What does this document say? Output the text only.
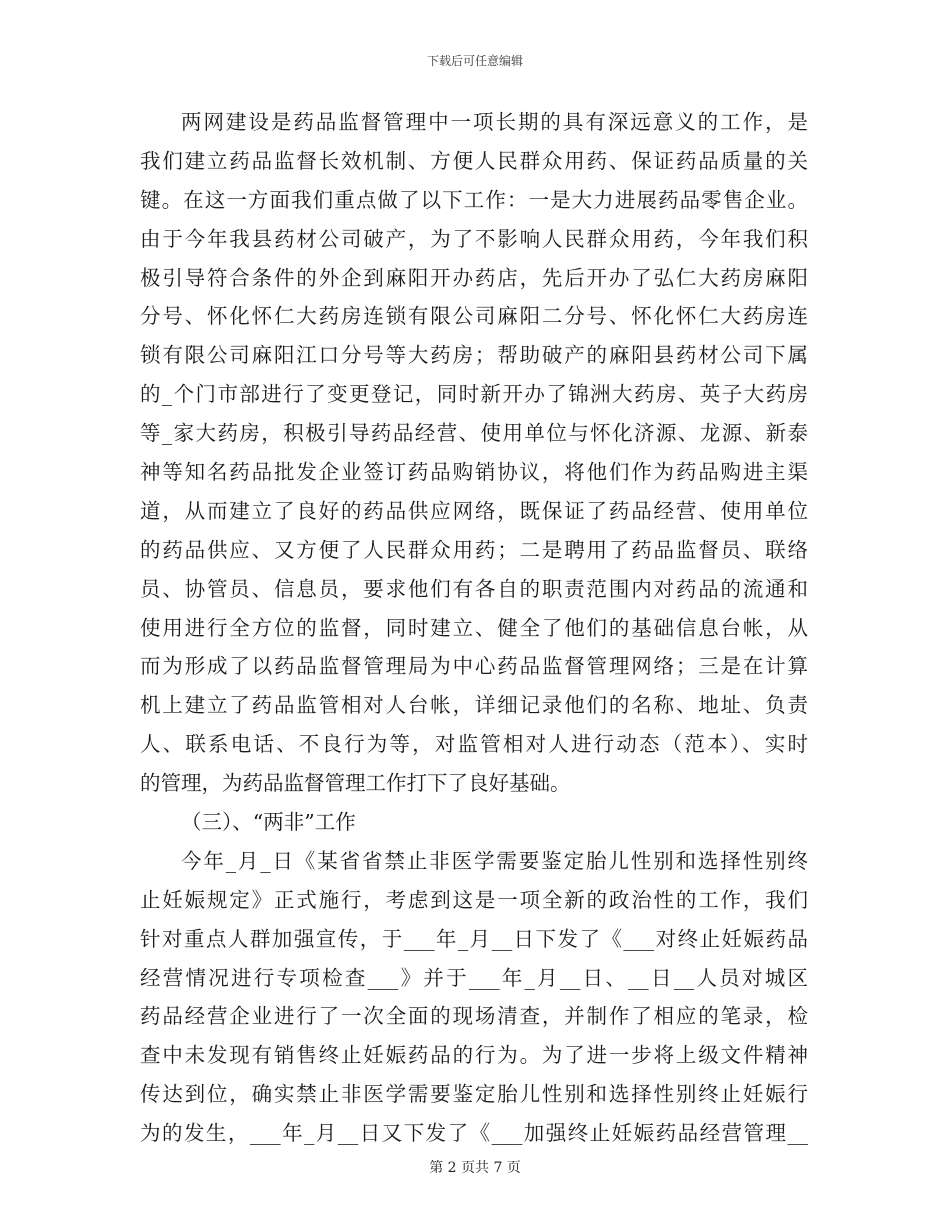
下载后可任意编辑
两网建设是药品监督管理中一项长期的具有深远意义的工作，是
我们建立药品监督长效机制、方便人民群众用药、保证药品质量的关
键。在这一方面我们重点做了以下工作：一是大力进展药品零售企业。
由于今年我县药材公司破产，为了不影响人民群众用药，今年我们积
极引导符合条件的外企到麻阳开办药店，先后开办了弘仁大药房麻阳
分号、怀化怀仁大药房连锁有限公司麻阳二分号、怀化怀仁大药房连
锁有限公司麻阳江口分号等大药房；帮助破产的麻阳县药材公司下属
的_个门市部进行了变更登记，同时新开办了锦洲大药房、英子大药房
等_家大药房，积极引导药品经营、使用单位与怀化济源、龙源、新泰
神等知名药品批发企业签订药品购销协议，将他们作为药品购进主渠
道，从而建立了良好的药品供应网络，既保证了药品经营、使用单位
的药品供应、又方便了人民群众用药；二是聘用了药品监督员、联络
员、协管员、信息员，要求他们有各自的职责范围内对药品的流通和
使用进行全方位的监督，同时建立、健全了他们的基础信息台帐，从
而为形成了以药品监督管理局为中心药品监督管理网络；三是在计算
机上建立了药品监管相对人台帐，详细记录他们的名称、地址、负责
人、联系电话、不良行为等，对监管相对人进行动态（范本）、实时
的管理，为药品监督管理工作打下了良好基础。
（三）、“两非”工作
今年_月_日《某省省禁止非医学需要鉴定胎儿性别和选择性别终
止妊娠规定》正式施行，考虑到这是一项全新的政治性的工作，我们
针对重点人群加强宣传，于___年_月__日下发了《___对终止妊娠药品
经营情况进行专项检查___》并于___年_月__日、__日__人员对城区
药品经营企业进行了一次全面的现场清查，并制作了相应的笔录，检
查中未发现有销售终止妊娠药品的行为。为了进一步将上级文件精神
传达到位，确实禁止非医学需要鉴定胎儿性别和选择性别终止妊娠行
为的发生，___年_月__日又下发了《___加强终止妊娠药品经营管理__
第 2 页共 7 页
